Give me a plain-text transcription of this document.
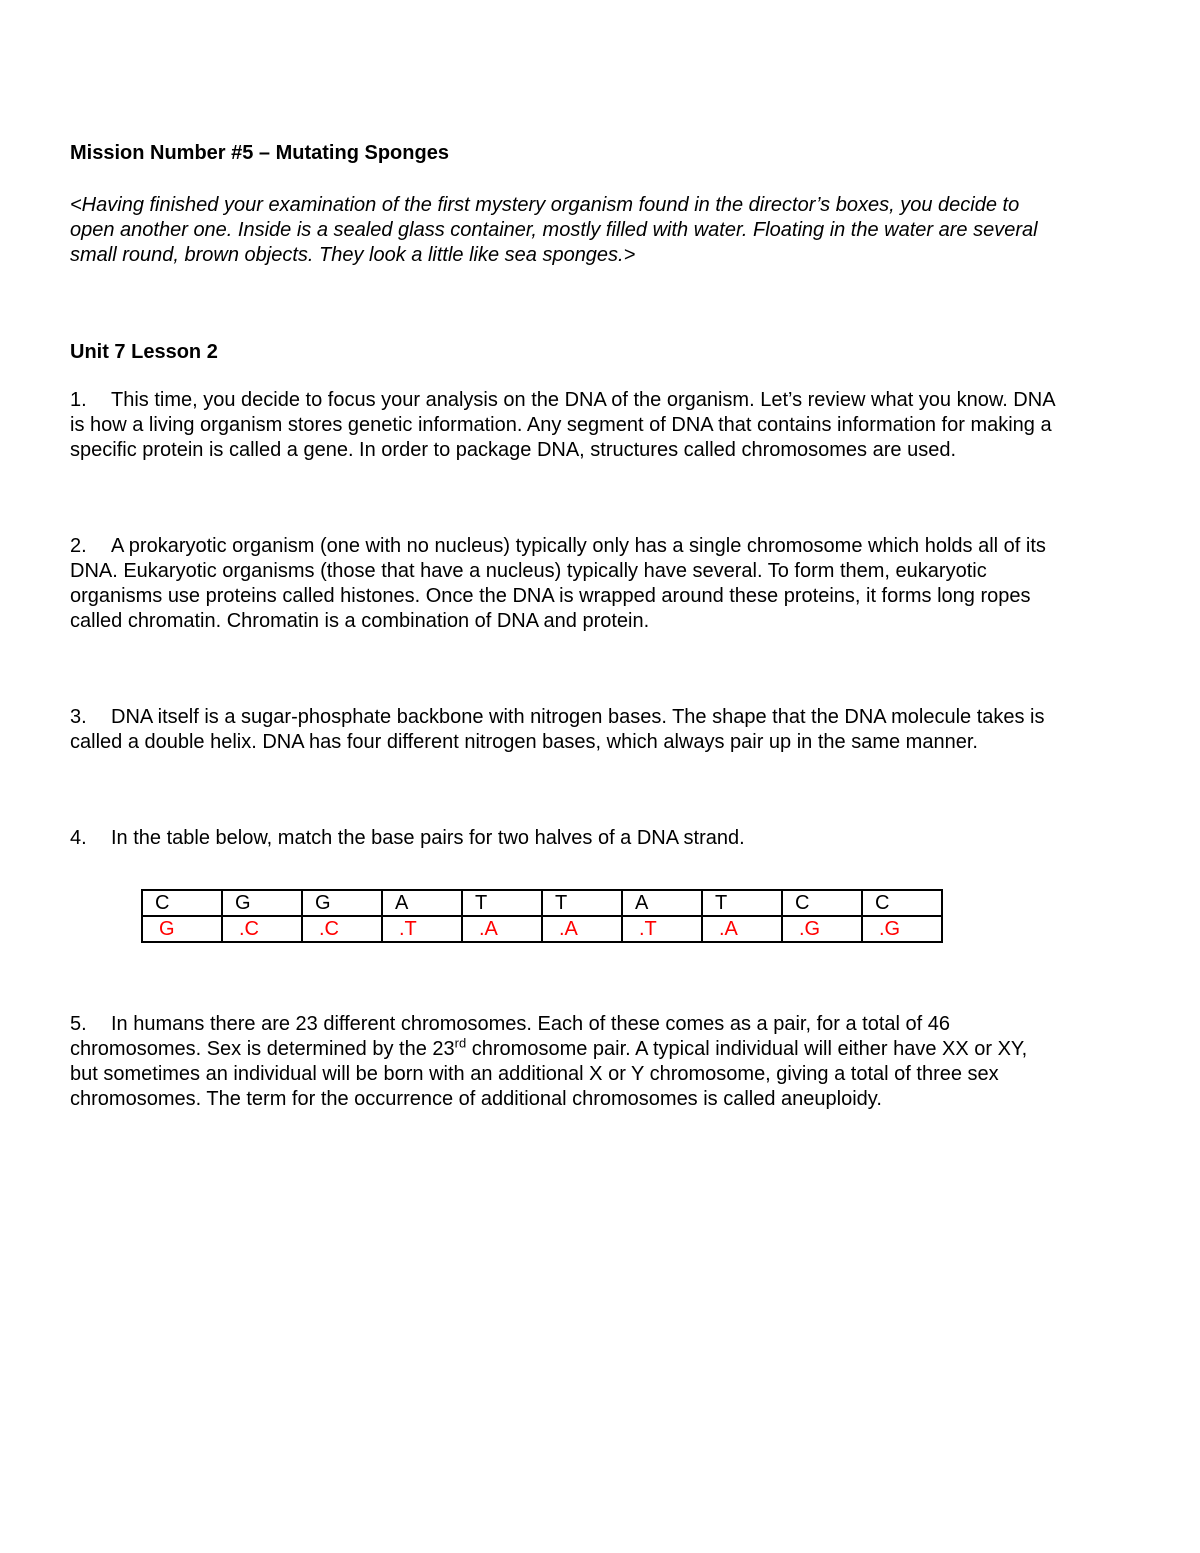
Mission Number #5 – Mutating Sponges

<Having finished your examination of the first mystery organism found in the director’s boxes, you decide to open another one. Inside is a sealed glass container, mostly filled with water. Floating in the water are several small round, brown objects. They look a little like sea sponges.>

Unit 7 Lesson 2

1. This time, you decide to focus your analysis on the DNA of the organism. Let’s review what you know. DNA is how a living organism stores genetic information. Any segment of DNA that contains information for making a specific protein is called a gene. In order to package DNA, structures called chromosomes are used.

2. A prokaryotic organism (one with no nucleus) typically only has a single chromosome which holds all of its DNA. Eukaryotic organisms (those that have a nucleus) typically have several. To form them, eukaryotic organisms use proteins called histones. Once the DNA is wrapped around these proteins, it forms long ropes called chromatin. Chromatin is a combination of DNA and protein.

3. DNA itself is a sugar-phosphate backbone with nitrogen bases. The shape that the DNA molecule takes is called a double helix. DNA has four different nitrogen bases, which always pair up in the same manner.

4. In the table below, match the base pairs for two halves of a DNA strand.

C	G	G	A	T	T	A	T	C	C
G	.C	.C	.T	.A	.A	.T	.A	.G	.G

5. In humans there are 23 different chromosomes. Each of these comes as a pair, for a total of 46 chromosomes. Sex is determined by the 23rd chromosome pair. A typical individual will either have XX or XY, but sometimes an individual will be born with an additional X or Y chromosome, giving a total of three sex chromosomes. The term for the occurrence of additional chromosomes is called aneuploidy.
